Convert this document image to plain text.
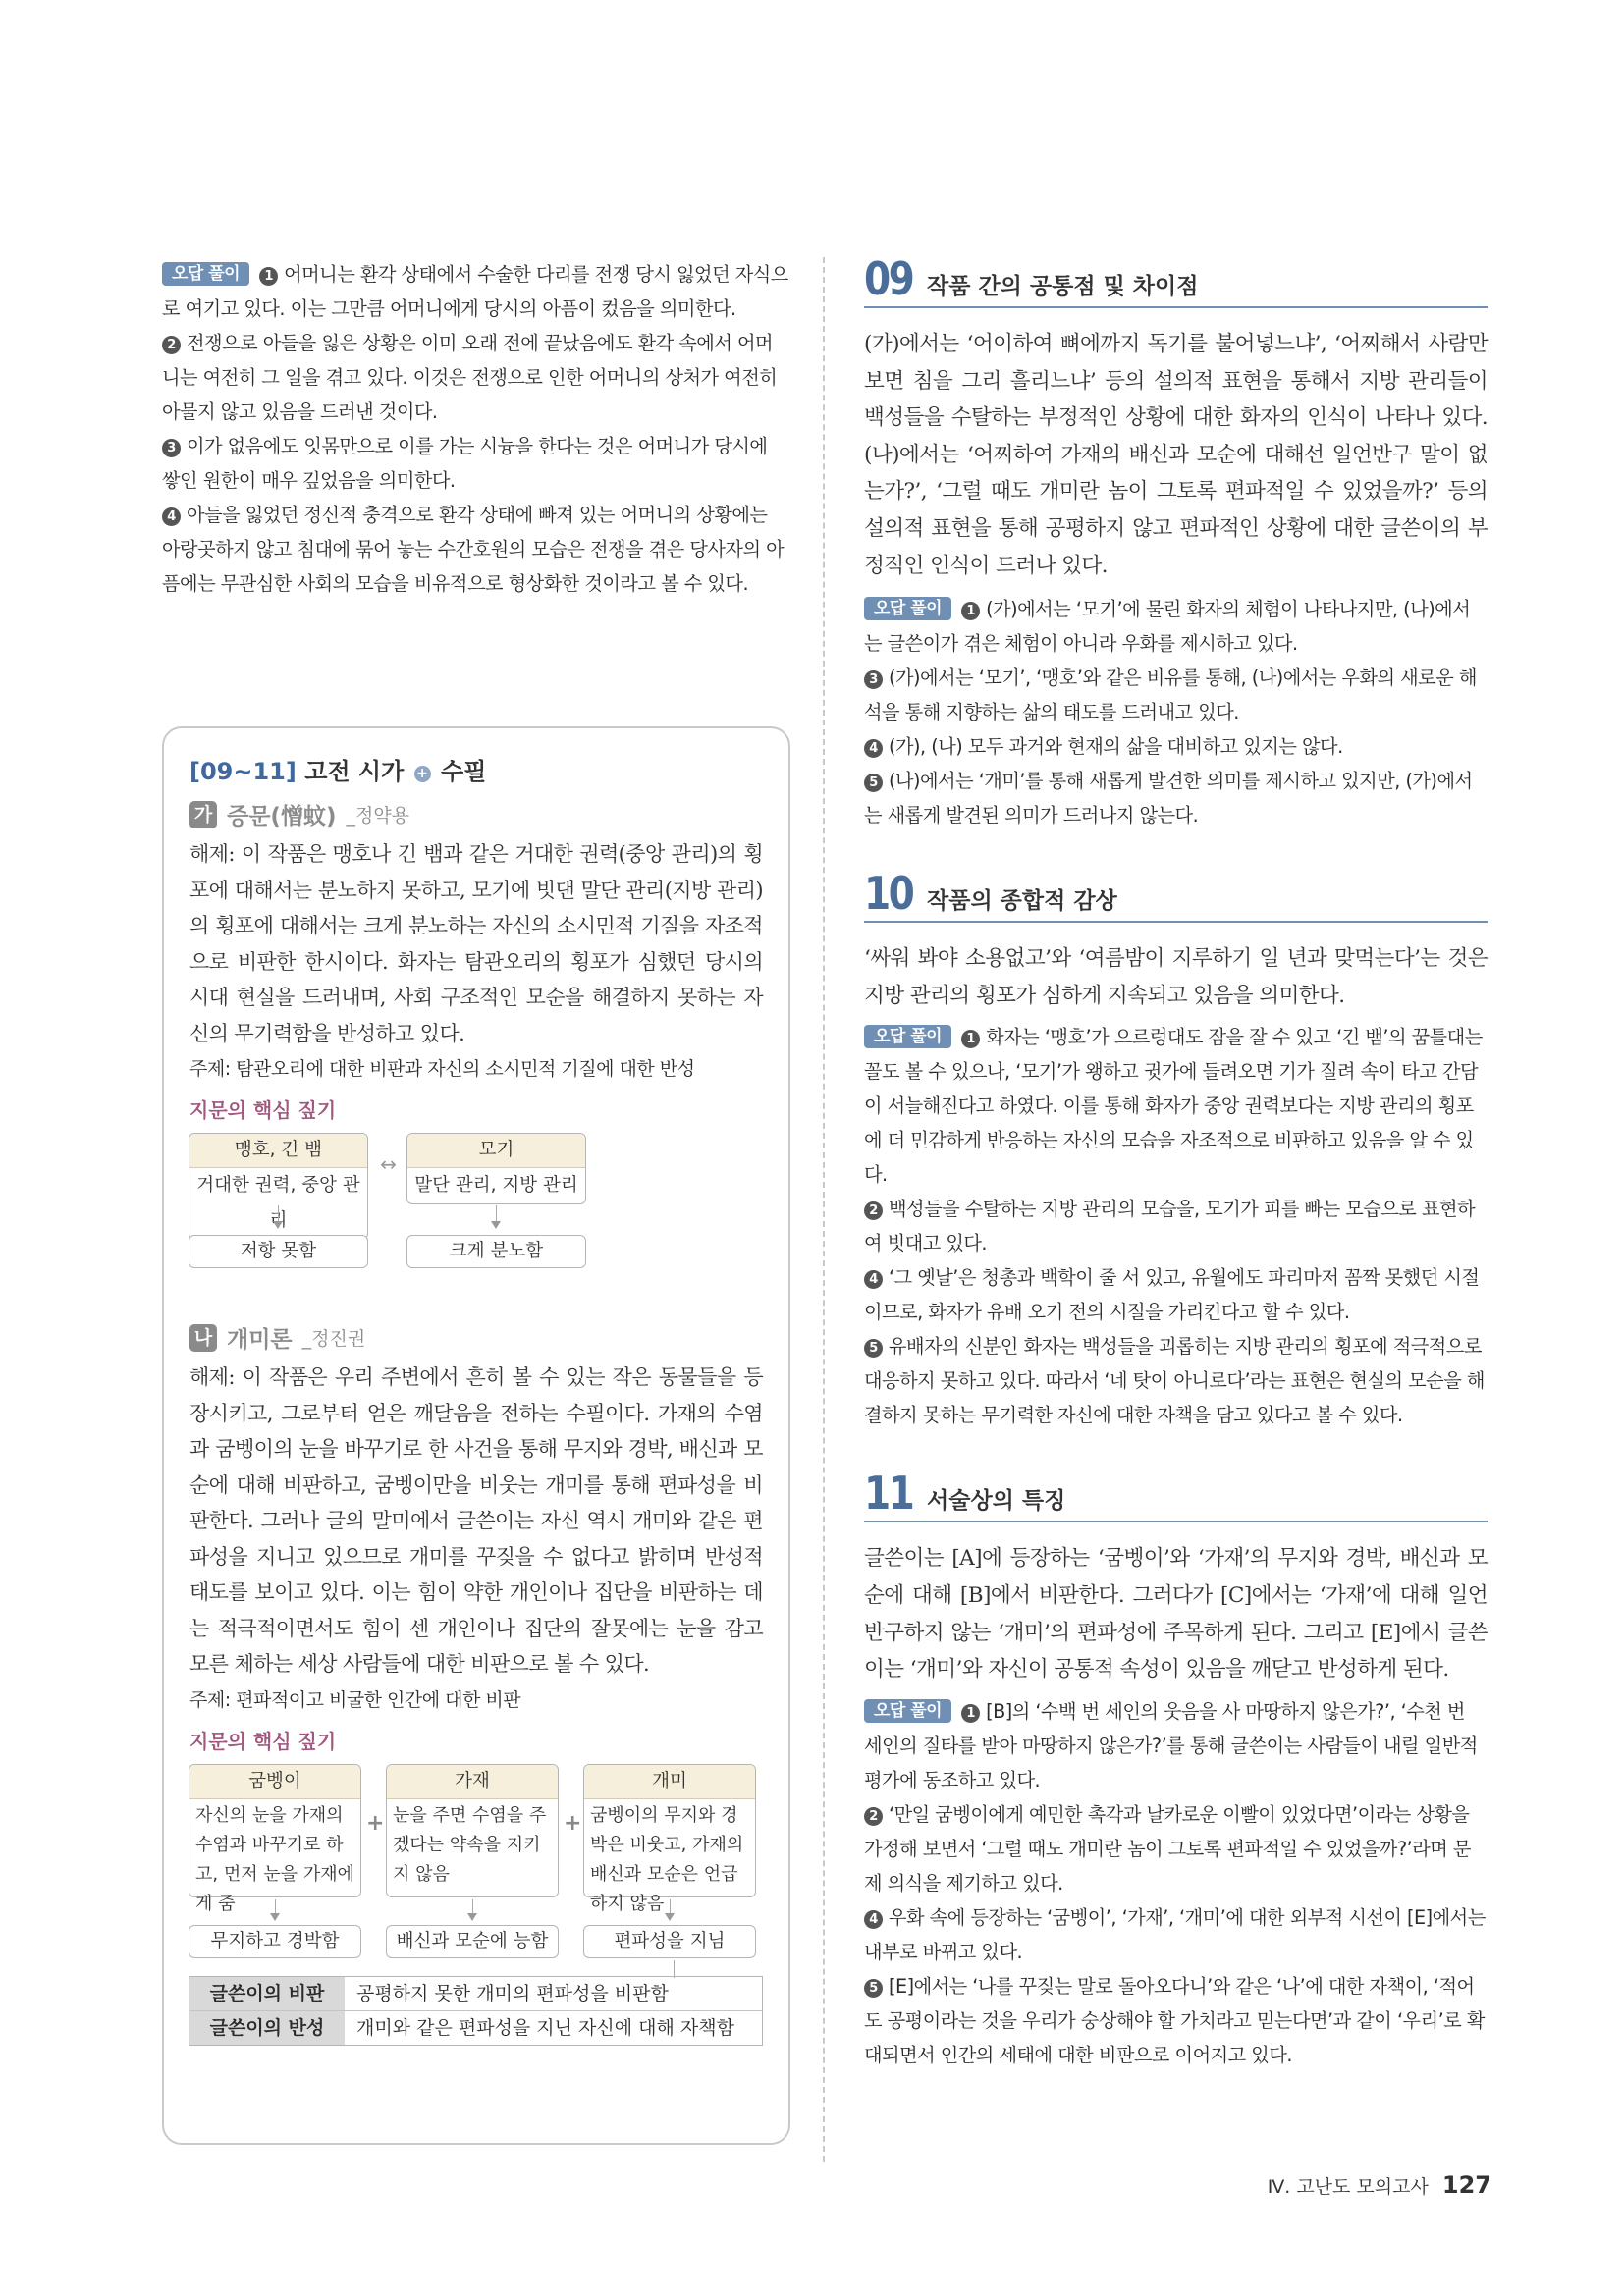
오답 풀이 1 어머니는 환각 상태에서 수술한 다리를 전쟁 당시 잃었던 자식으로 여기고 있다. 이는 그만큼 어머니에게 당시의 아픔이 컸음을 의미한다.
2 전쟁으로 아들을 잃은 상황은 이미 오래 전에 끝났음에도 환각 속에서 어머니는 여전히 그 일을 겪고 있다. 이것은 전쟁으로 인한 어머니의 상처가 여전히 아물지 않고 있음을 드러낸 것이다.
3 이가 없음에도 잇몸만으로 이를 가는 시늉을 한다는 것은 어머니가 당시에 쌓인 원한이 매우 깊었음을 의미한다.
4 아들을 잃었던 정신적 충격으로 환각 상태에 빠져 있는 어머니의 상황에는 아랑곳하지 않고 침대에 묶어 놓는 수간호원의 모습은 전쟁을 겪은 당사자의 아픔에는 무관심한 사회의 모습을 비유적으로 형상화한 것이라고 볼 수 있다.
[09~11] 고전 시가 + 수필
가 증문(憎蚊) _정약용
해제: 이 작품은 맹호나 긴 뱀과 같은 거대한 권력(중앙 관리)의 횡포에 대해서는 분노하지 못하고, 모기에 빗댄 말단 관리(지방 관리)의 횡포에 대해서는 크게 분노하는 자신의 소시민적 기질을 자조적으로 비판한 한시이다. 화자는 탐관오리의 횡포가 심했던 당시의 시대 현실을 드러내며, 사회 구조적인 모순을 해결하지 못하는 자신의 무기력함을 반성하고 있다.
주제: 탐관오리에 대한 비판과 자신의 소시민적 기질에 대한 반성
지문의 핵심 짚기
맹호, 긴 뱀
거대한 권력, 중앙 관리
↔
모기
말단 관리, 지방 관리
저항 못함	크게 분노함
나 개미론 _정진권
해제: 이 작품은 우리 주변에서 흔히 볼 수 있는 작은 동물들을 등장시키고, 그로부터 얻은 깨달음을 전하는 수필이다. 가재의 수염과 굼벵이의 눈을 바꾸기로 한 사건을 통해 무지와 경박, 배신과 모순에 대해 비판하고, 굼벵이만을 비웃는 개미를 통해 편파성을 비판한다. 그러나 글의 말미에서 글쓴이는 자신 역시 개미와 같은 편파성을 지니고 있으므로 개미를 꾸짖을 수 없다고 밝히며 반성적 태도를 보이고 있다. 이는 힘이 약한 개인이나 집단을 비판하는 데는 적극적이면서도 힘이 센 개인이나 집단의 잘못에는 눈을 감고 모른 체하는 세상 사람들에 대한 비판으로 볼 수 있다.
주제: 편파적이고 비굴한 인간에 대한 비판
지문의 핵심 짚기
굼벵이
자신의 눈을 가재의 수염과 바꾸기로 하고, 먼저 눈을 가재에게 줌
+
가재
눈을 주면 수염을 주겠다는 약속을 지키지 않음
+
개미
굼벵이의 무지와 경박은 비웃고, 가재의 배신과 모순은 언급하지 않음
무지하고 경박함	배신과 모순에 능함	편파성을 지님
글쓴이의 비판	공평하지 못한 개미의 편파성을 비판함
글쓴이의 반성	개미와 같은 편파성을 지닌 자신에 대해 자책함
09 작품 간의 공통점 및 차이점
(가)에서는 ‘어이하여 뼈에까지 독기를 불어넣느냐’, ‘어찌해서 사람만 보면 침을 그리 흘리느냐’ 등의 설의적 표현을 통해서 지방 관리들이 백성들을 수탈하는 부정적인 상황에 대한 화자의 인식이 나타나 있다. (나)에서는 ‘어찌하여 가재의 배신과 모순에 대해선 일언반구 말이 없는가?’, ‘그럴 때도 개미란 놈이 그토록 편파적일 수 있었을까?’ 등의 설의적 표현을 통해 공평하지 않고 편파적인 상황에 대한 글쓴이의 부정적인 인식이 드러나 있다.
오답 풀이 1 (가)에서는 ‘모기’에 물린 화자의 체험이 나타나지만, (나)에서는 글쓴이가 겪은 체험이 아니라 우화를 제시하고 있다.
3 (가)에서는 ‘모기’, ‘맹호’와 같은 비유를 통해, (나)에서는 우화의 새로운 해석을 통해 지향하는 삶의 태도를 드러내고 있다.
4 (가), (나) 모두 과거와 현재의 삶을 대비하고 있지는 않다.
5 (나)에서는 ‘개미’를 통해 새롭게 발견한 의미를 제시하고 있지만, (가)에서는 새롭게 발견된 의미가 드러나지 않는다.
10 작품의 종합적 감상
‘싸워 봐야 소용없고’와 ‘여름밤이 지루하기 일 년과 맞먹는다’는 것은 지방 관리의 횡포가 심하게 지속되고 있음을 의미한다.
오답 풀이 1 화자는 ‘맹호’가 으르렁대도 잠을 잘 수 있고 ‘긴 뱀’의 꿈틀대는 꼴도 볼 수 있으나, ‘모기’가 왱하고 귓가에 들려오면 기가 질려 속이 타고 간담이 서늘해진다고 하였다. 이를 통해 화자가 중앙 권력보다는 지방 관리의 횡포에 더 민감하게 반응하는 자신의 모습을 자조적으로 비판하고 있음을 알 수 있다.
2 백성들을 수탈하는 지방 관리의 모습을, 모기가 피를 빠는 모습으로 표현하여 빗대고 있다.
4 ‘그 옛날’은 청총과 백학이 줄 서 있고, 유월에도 파리마저 꼼짝 못했던 시절이므로, 화자가 유배 오기 전의 시절을 가리킨다고 할 수 있다.
5 유배자의 신분인 화자는 백성들을 괴롭히는 지방 관리의 횡포에 적극적으로 대응하지 못하고 있다. 따라서 ‘네 탓이 아니로다’라는 표현은 현실의 모순을 해결하지 못하는 무기력한 자신에 대한 자책을 담고 있다고 볼 수 있다.
11 서술상의 특징
글쓴이는 [A]에 등장하는 ‘굼벵이’와 ‘가재’의 무지와 경박, 배신과 모순에 대해 [B]에서 비판한다. 그러다가 [C]에서는 ‘가재’에 대해 일언반구하지 않는 ‘개미’의 편파성에 주목하게 된다. 그리고 [E]에서 글쓴이는 ‘개미’와 자신이 공통적 속성이 있음을 깨닫고 반성하게 된다.
오답 풀이 1 [B]의 ‘수백 번 세인의 웃음을 사 마땅하지 않은가?’, ‘수천 번 세인의 질타를 받아 마땅하지 않은가?’를 통해 글쓴이는 사람들이 내릴 일반적 평가에 동조하고 있다.
2 ‘만일 굼벵이에게 예민한 촉각과 날카로운 이빨이 있었다면’이라는 상황을 가정해 보면서 ‘그럴 때도 개미란 놈이 그토록 편파적일 수 있었을까?’라며 문제 의식을 제기하고 있다.
4 우화 속에 등장하는 ‘굼벵이’, ‘가재’, ‘개미’에 대한 외부적 시선이 [E]에서는 내부로 바뀌고 있다.
5 [E]에서는 ‘나를 꾸짖는 말로 돌아오다니’와 같은 ‘나’에 대한 자책이, ‘적어도 공평이라는 것을 우리가 숭상해야 할 가치라고 믿는다면’과 같이 ‘우리’로 확대되면서 인간의 세태에 대한 비판으로 이어지고 있다.
Ⅳ. 고난도 모의고사 127
